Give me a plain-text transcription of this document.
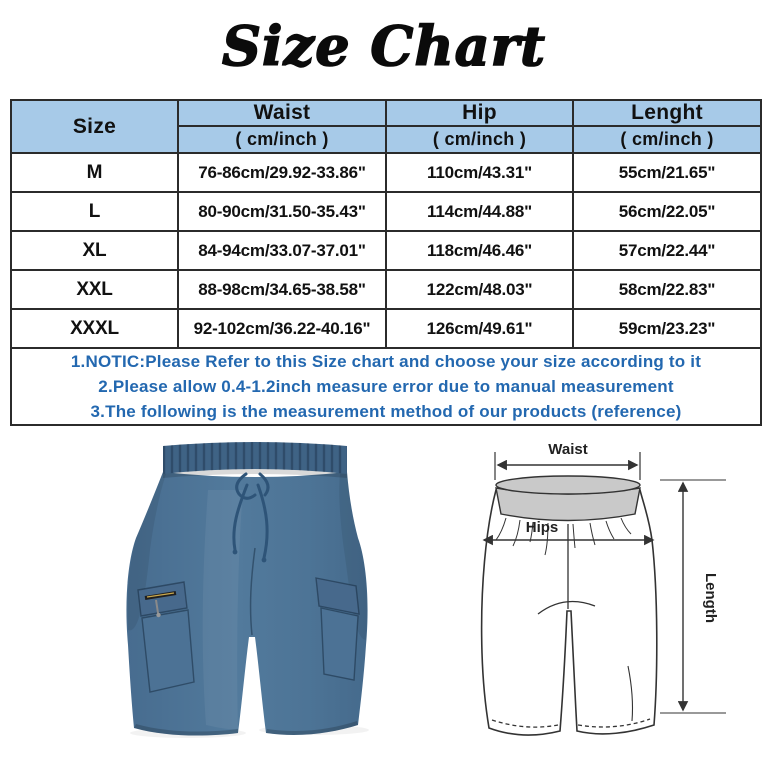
Size Chart
Size	Waist	Hip	Lenght
	( cm/inch )	( cm/inch )	( cm/inch )
M	76-86cm/29.92-33.86"	110cm/43.31"	55cm/21.65"
L	80-90cm/31.50-35.43"	114cm/44.88"	56cm/22.05"
XL	84-94cm/33.07-37.01"	118cm/46.46"	57cm/22.44"
XXL	88-98cm/34.65-38.58"	122cm/48.03"	58cm/22.83"
XXXL	92-102cm/36.22-40.16"	126cm/49.61"	59cm/23.23"

1.NOTIC:Please Refer to this Size chart and choose your size according to it
2.Please allow 0.4-1.2inch measure error due to manual measurement
3.The following is the measurement method of our products (reference)			
Waist
Hips
Length
